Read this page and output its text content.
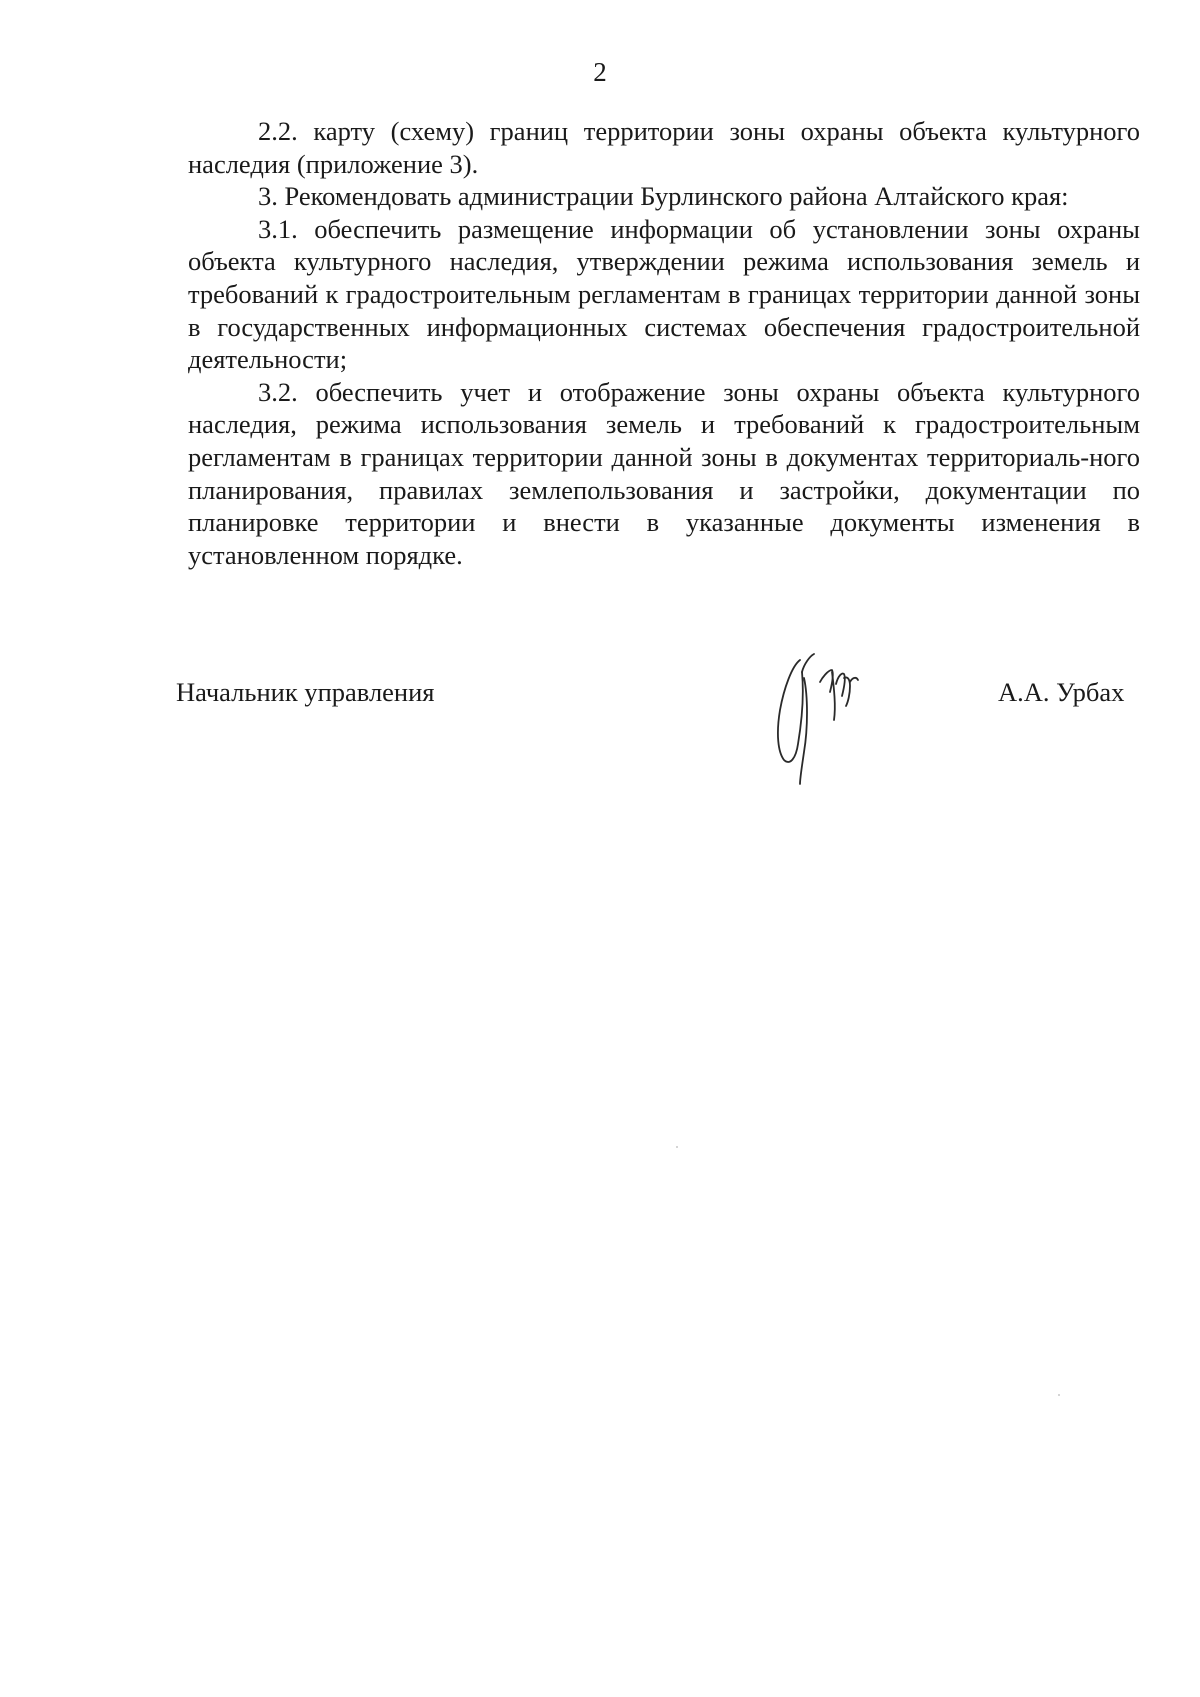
2

2.2. карту (схему) границ территории зоны охраны объекта культурного наследия (приложение 3).

3. Рекомендовать администрации Бурлинского района Алтайского края:

3.1. обеспечить размещение информации об установлении зоны охраны объекта культурного наследия, утверждении режима использования земель и требований к градостроительным регламентам в границах территории данной зоны в государственных информационных системах обеспечения градостроительной деятельности;

3.2. обеспечить учет и отображение зоны охраны объекта культурного наследия, режима использования земель и требований к градостроительным регламентам в границах территории данной зоны в документах территориаль-ного планирования, правилах землепользования и застройки, документации по планировке территории и внести в указанные документы изменения в установленном порядке.

Начальник управления	А.А. Урбах
